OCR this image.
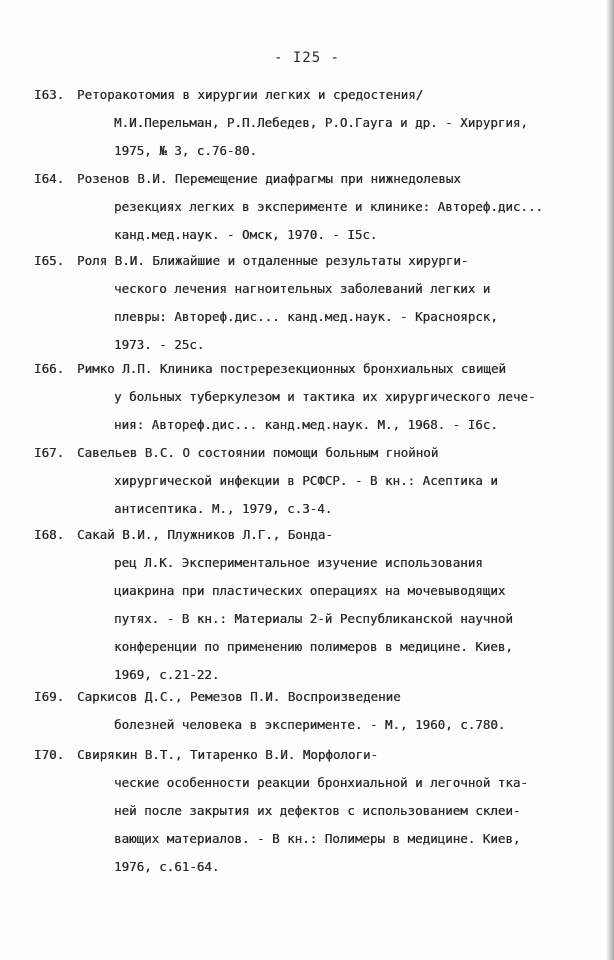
- I25 -
I63. Реторакотомия в хирургии легких и средостения/
М.И.Перельман, Р.П.Лебедев, Р.О.Гаугa и др. - Хирургия,
1975, № 3, с.76-80.
I64. Розенов В.И. Перемещение диафрагмы при нижнедолевых
резекциях легких в эксперименте и клинике: Автореф.дис...
канд.мед.наук. - Омск, 1970. - I5c.
I65. Роля В.И. Ближайшие и отдаленные результаты хирурги-
ческого лечения нагноительных заболеваний легких и
плевры: Автореф.дис... канд.мед.наук. - Красноярск,
1973. - 25c.
I66. Римко Л.П. Клиника постререзекционных бронхиальных свищей
у больных туберкулезом и тактика их хирургического лече-
ния: Автореф.дис... канд.мед.наук. М., 1968. - I6c.
I67. Савельев В.С. О состоянии помощи больным гнойной
хирургической инфекции в РСФСР. - В кн.: Асептика и
антисептика. М., 1979, с.3-4.
I68. Сакай В.И., Плужников Л.Г., Бондa-
рец Л.К. Экспериментальное изучение использования
циакрина при пластических операциях на мочевыводящих
путях. - В кн.: Материалы 2-й Республиканской научной
конференции по применению полимеров в медицине. Киев,
1969, с.21-22.
I69. Саркисов Д.С., Ремезов П.И. Воспроизведение
болезней человека в эксперименте. - М., 1960, с.780.
I70. Свирякин В.Т., Титаренко В.И. Морфологи-
ческие особенности реакции бронхиальной и легочной тка-
ней после закрытия их дефектов с использованием склеи-
вающих материалов. - В кн.: Полимеры в медицине. Киев,
1976, с.61-64.
